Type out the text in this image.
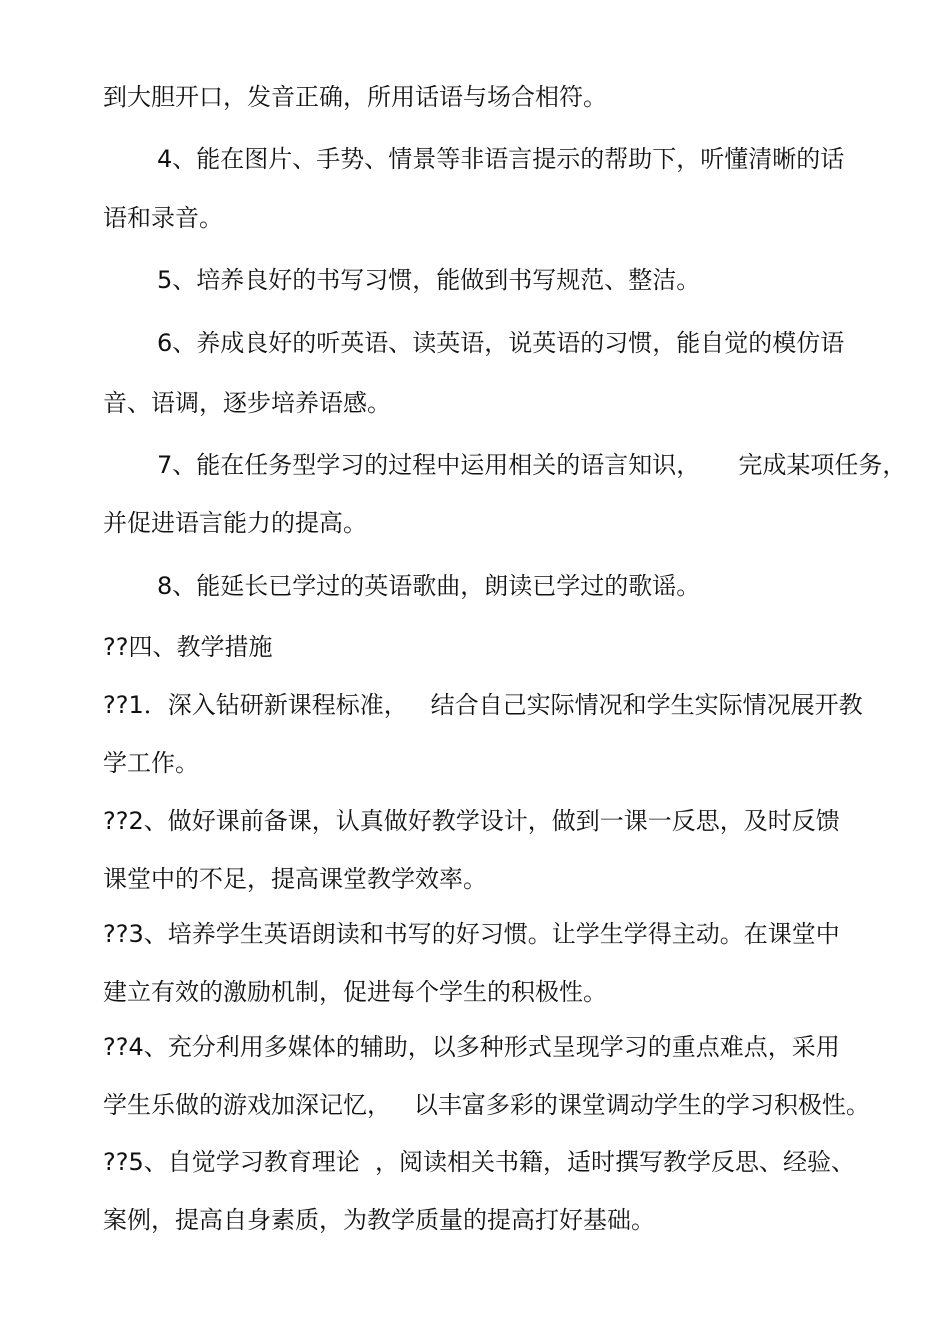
到大胆开口，发音正确，所用话语与场合相符。
4、能在图片、手势、情景等非语言提示的帮助下，听懂清晰的话
语和录音。
5、培养良好的书写习惯，能做到书写规范、整洁。
6、养成良好的听英语、读英语，说英语的习惯，能自觉的模仿语
音、语调，逐步培养语感。
7、能在任务型学习的过程中运用相关的语言知识，     完成某项任务，
并促进语言能力的提高。
8、能延长已学过的英语歌曲，朗读已学过的歌谣。
??四、教学措施
??1．深入钻研新课程标准，   结合自己实际情况和学生实际情况展开教
学工作。
??2、做好课前备课，认真做好教学设计，做到一课一反思，及时反馈
课堂中的不足，提高课堂教学效率。
??3、培养学生英语朗读和书写的好习惯。让学生学得主动。在课堂中
建立有效的激励机制，促进每个学生的积极性。
??4、充分利用多媒体的辅助，以多种形式呈现学习的重点难点，采用
学生乐做的游戏加深记忆，   以丰富多彩的课堂调动学生的学习积极性。
??5、自觉学习教育理论  ，阅读相关书籍，适时撰写教学反思、经验、
案例，提高自身素质，为教学质量的提高打好基础。
